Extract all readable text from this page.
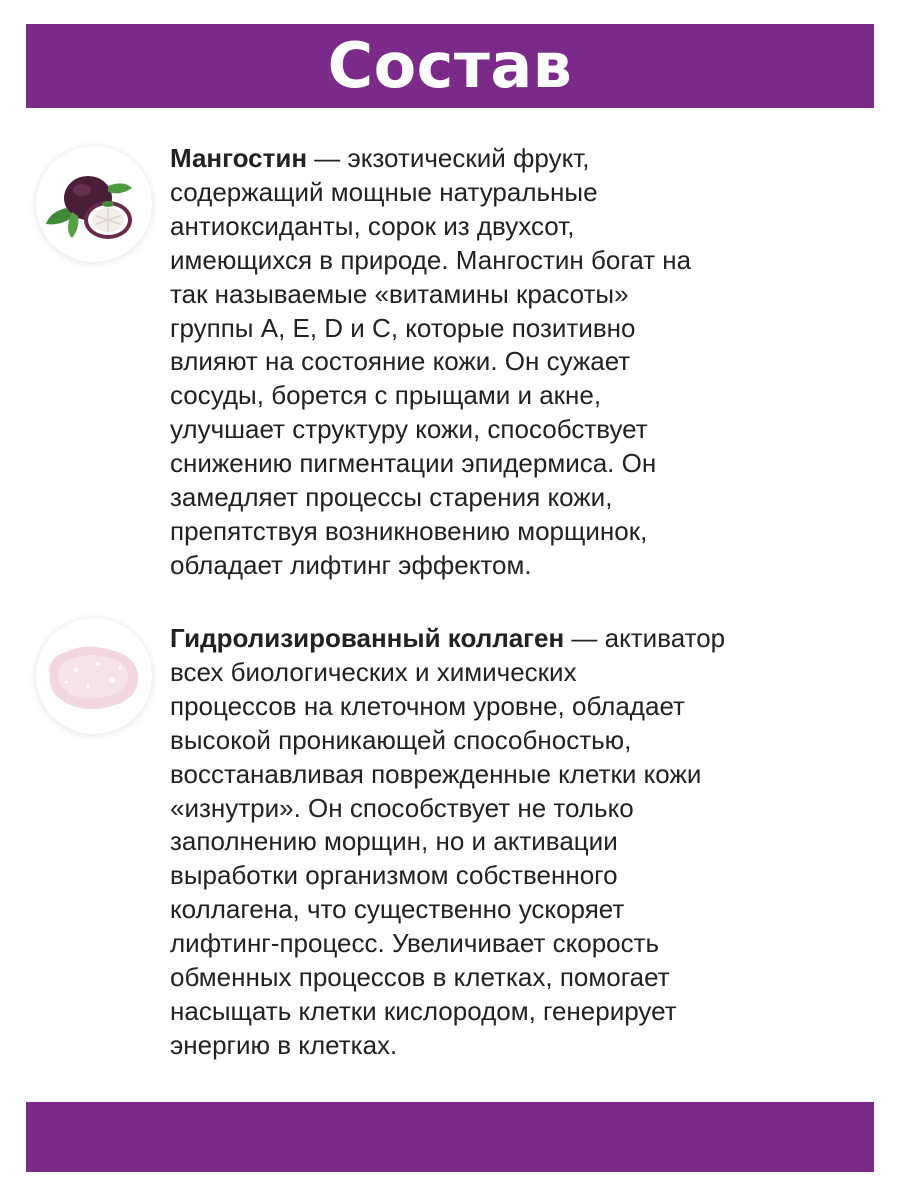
Состав
Мангостин — экзотический фрукт,
содержащий мощные натуральные
антиоксиданты, сорок из двухсот,
имеющихся в природе. Мангостин богат на
так называемые «витамины красоты»
группы А, Е, D и С, которые позитивно
влияют на состояние кожи. Он сужает
сосуды, борется с прыщами и акне,
улучшает структуру кожи, способствует
снижению пигментации эпидермиса. Он
замедляет процессы старения кожи,
препятствуя возникновению морщинок,
обладает лифтинг эффектом.
Гидролизированный коллаген — активатор
всех биологических и химических
процессов на клеточном уровне, обладает
высокой проникающей способностью,
восстанавливая поврежденные клетки кожи
«изнутри». Он способствует не только
заполнению морщин, но и активации
выработки организмом собственного
коллагена, что существенно ускоряет
лифтинг-процесс. Увеличивает скорость
обменных процессов в клетках, помогает
насыщать клетки кислородом, генерирует
энергию в клетках.
